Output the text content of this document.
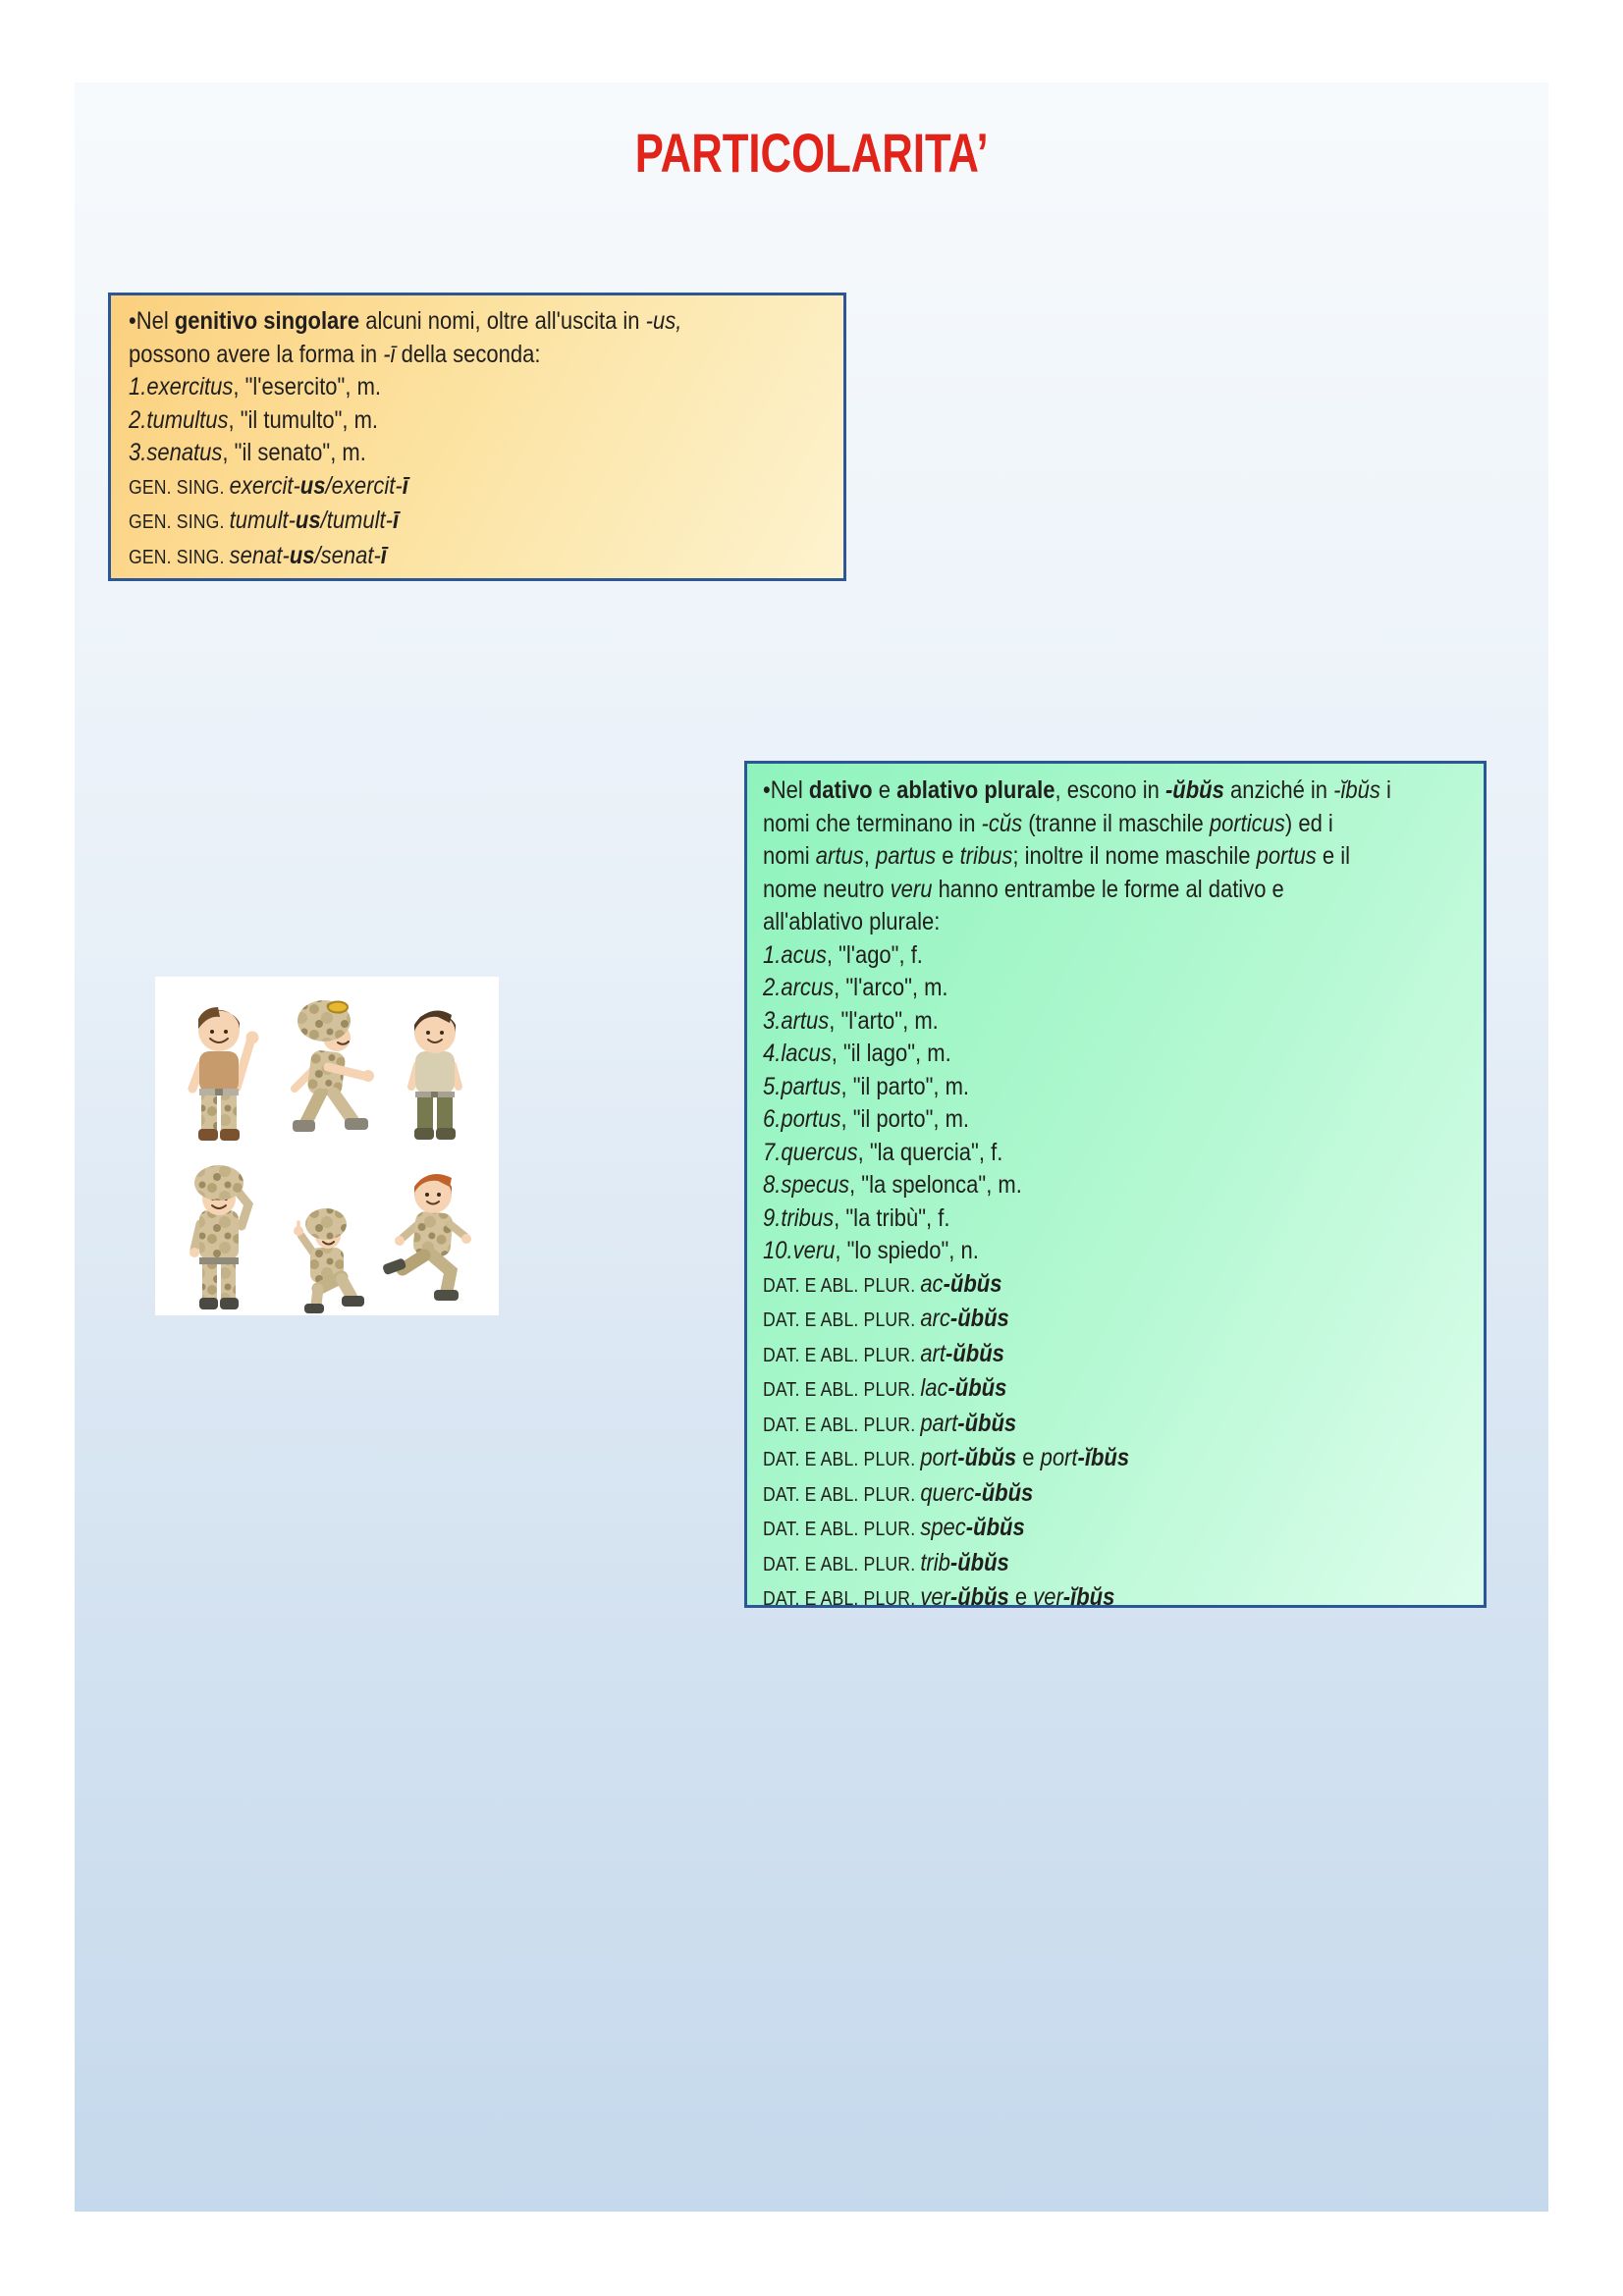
PARTICOLARITA’
•Nel genitivo singolare alcuni nomi, oltre all'uscita in -us,
possono avere la forma in -ī della seconda:
1.exercitus, "l'esercito", m.
2.tumultus, "il tumulto", m.
3.senatus, "il senato", m.
GEN. SING. exercit-us/exercit-ī
GEN. SING. tumult-us/tumult-ī
GEN. SING. senat-us/senat-ī
•Nel dativo e ablativo plurale, escono in -ŭbŭs anziché in -ĭbŭs i
nomi che terminano in -cŭs (tranne il maschile porticus) ed i
nomi artus, partus e tribus; inoltre il nome maschile portus e il
nome neutro veru hanno entrambe le forme al dativo e
all'ablativo plurale:
1.acus, "l'ago", f.
2.arcus, "l'arco", m.
3.artus, "l'arto", m.
4.lacus, "il lago", m.
5.partus, "il parto", m.
6.portus, "il porto", m.
7.quercus, "la quercia", f.
8.specus, "la spelonca", m.
9.tribus, "la tribù", f.
10.veru, "lo spiedo", n.
DAT. E ABL. PLUR. ac-ŭbŭs
DAT. E ABL. PLUR. arc-ŭbŭs
DAT. E ABL. PLUR. art-ŭbŭs
DAT. E ABL. PLUR. lac-ŭbŭs
DAT. E ABL. PLUR. part-ŭbŭs
DAT. E ABL. PLUR. port-ŭbŭs e port-ĭbŭs
DAT. E ABL. PLUR. querc-ŭbŭs
DAT. E ABL. PLUR. spec-ŭbŭs
DAT. E ABL. PLUR. trib-ŭbŭs
DAT. E ABL. PLUR. ver-ŭbŭs e ver-ĭbŭs
